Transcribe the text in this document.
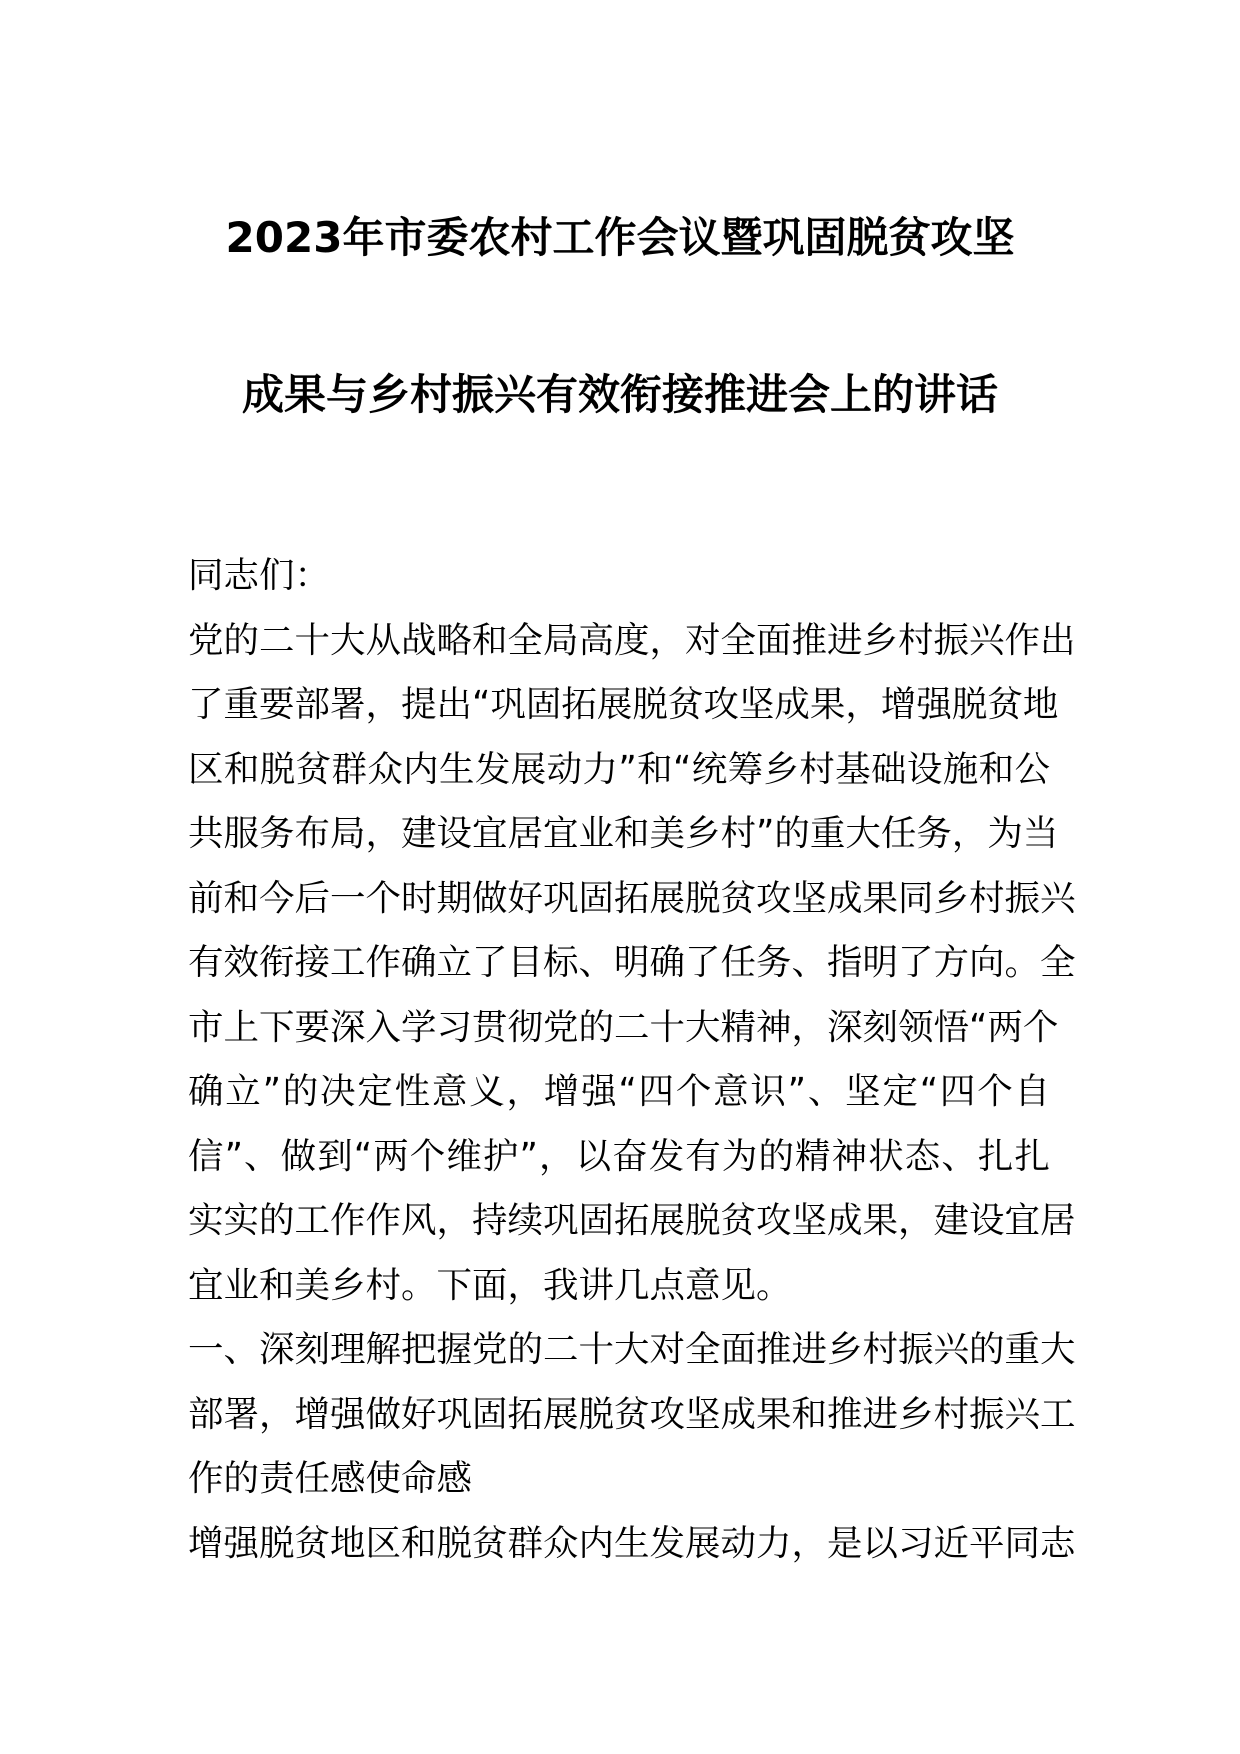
2023年市委农村工作会议暨巩固脱贫攻坚
成果与乡村振兴有效衔接推进会上的讲话
同志们：
党的二十大从战略和全局高度，对全面推进乡村振兴作出
了重要部署，提出“巩固拓展脱贫攻坚成果，增强脱贫地
区和脱贫群众内生发展动力”和“统筹乡村基础设施和公
共服务布局，建设宜居宜业和美乡村”的重大任务，为当
前和今后一个时期做好巩固拓展脱贫攻坚成果同乡村振兴
有效衔接工作确立了目标、明确了任务、指明了方向。全
市上下要深入学习贯彻党的二十大精神，深刻领悟“两个
确立”的决定性意义，增强“四个意识”、坚定“四个自
信”、做到“两个维护”，以奋发有为的精神状态、扎扎
实实的工作作风，持续巩固拓展脱贫攻坚成果，建设宜居
宜业和美乡村。下面，我讲几点意见。
一、深刻理解把握党的二十大对全面推进乡村振兴的重大
部署，增强做好巩固拓展脱贫攻坚成果和推进乡村振兴工
作的责任感使命感
增强脱贫地区和脱贫群众内生发展动力，是以习近平同志
